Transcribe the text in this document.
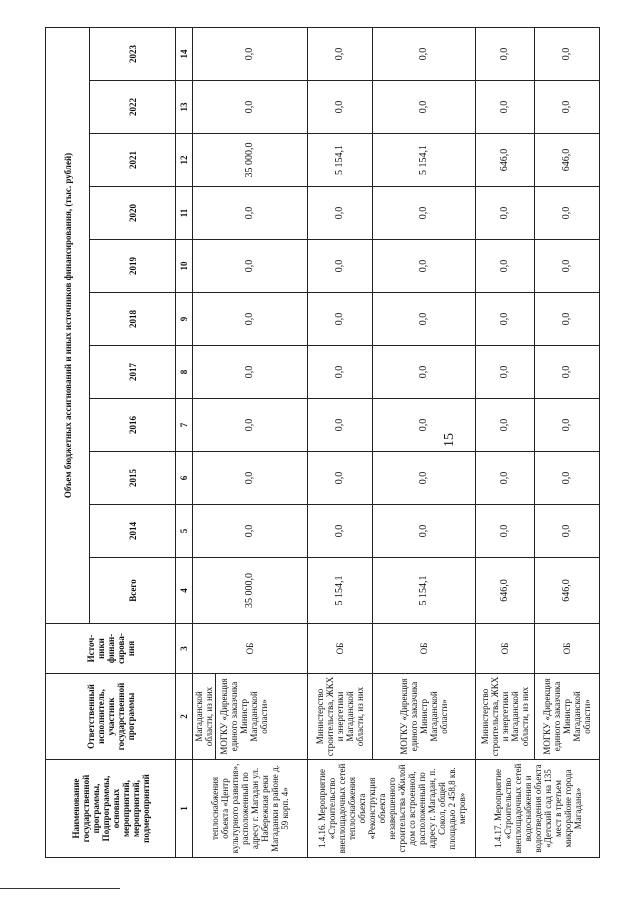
15
Наименование государственной программы, Подпрограммы, основных мероприятий, мероприятий, подмероприятий	Ответственный исполнитель, участник государственной программы	Источ-ники финан-сирова-ния	Объем бюджетных ассигнований и иных источников финансирования, (тыс. рублей)										
			Всего	2014	2015	2016	2017	2018	2019	2020	2021	2022	2023
1	2	3	4	5	6	7	8	9	10	11	12	13	14
теплоснабжения объекта «Центр культурного развития», расположенный по адресу г. Магадан ул. Набережная реки Магаданки в районе д. 59 корп. 4»	Магаданской области, из них МОГКУ «Дирекция единого заказчика Министр Магаданской области»	ОБ	35 000,0	0,0	0,0	0,0	0,0	0,0	0,0	0,0	35 000,0	0,0	0,0
1.4.16. Мероприятие «Строительство внеплощадочных сетей теплоснабжения объекта «Реконструкция объекта незавершенного строительства «Жилой дом со встроенной, расположенный по адресу г. Магадан, п. Сокол, общей площадью 2 458,8 кв. метров»	Министерство строительства, ЖКХ и энергетики Магаданской области, из них	ОБ	5 154,1	0,0	0,0	0,0	0,0	0,0	0,0	0,0	5 154,1	0,0	0,0
	МОГКУ «Дирекция единого заказчика Министр Магаданской области»	ОБ	5 154,1	0,0	0,0	0,0	0,0	0,0	0,0	0,0	5 154,1	0,0	0,0
1.4.17. Мероприятие «Строительство внеплощадочных сетей водоснабжения и водоотведения объекта «Детский сад на 135 мест в третьем микрорайоне города Магадана»	Министерство строительства, ЖКХ и энергетики Магаданской области, из них	ОБ	646,0	0,0	0,0	0,0	0,0	0,0	0,0	0,0	646,0	0,0	0,0
	МОГКУ «Дирекция единого заказчика Министр Магаданской области»	ОБ	646,0	0,0	0,0	0,0	0,0	0,0	0,0	0,0	646,0	0,0	0,0
